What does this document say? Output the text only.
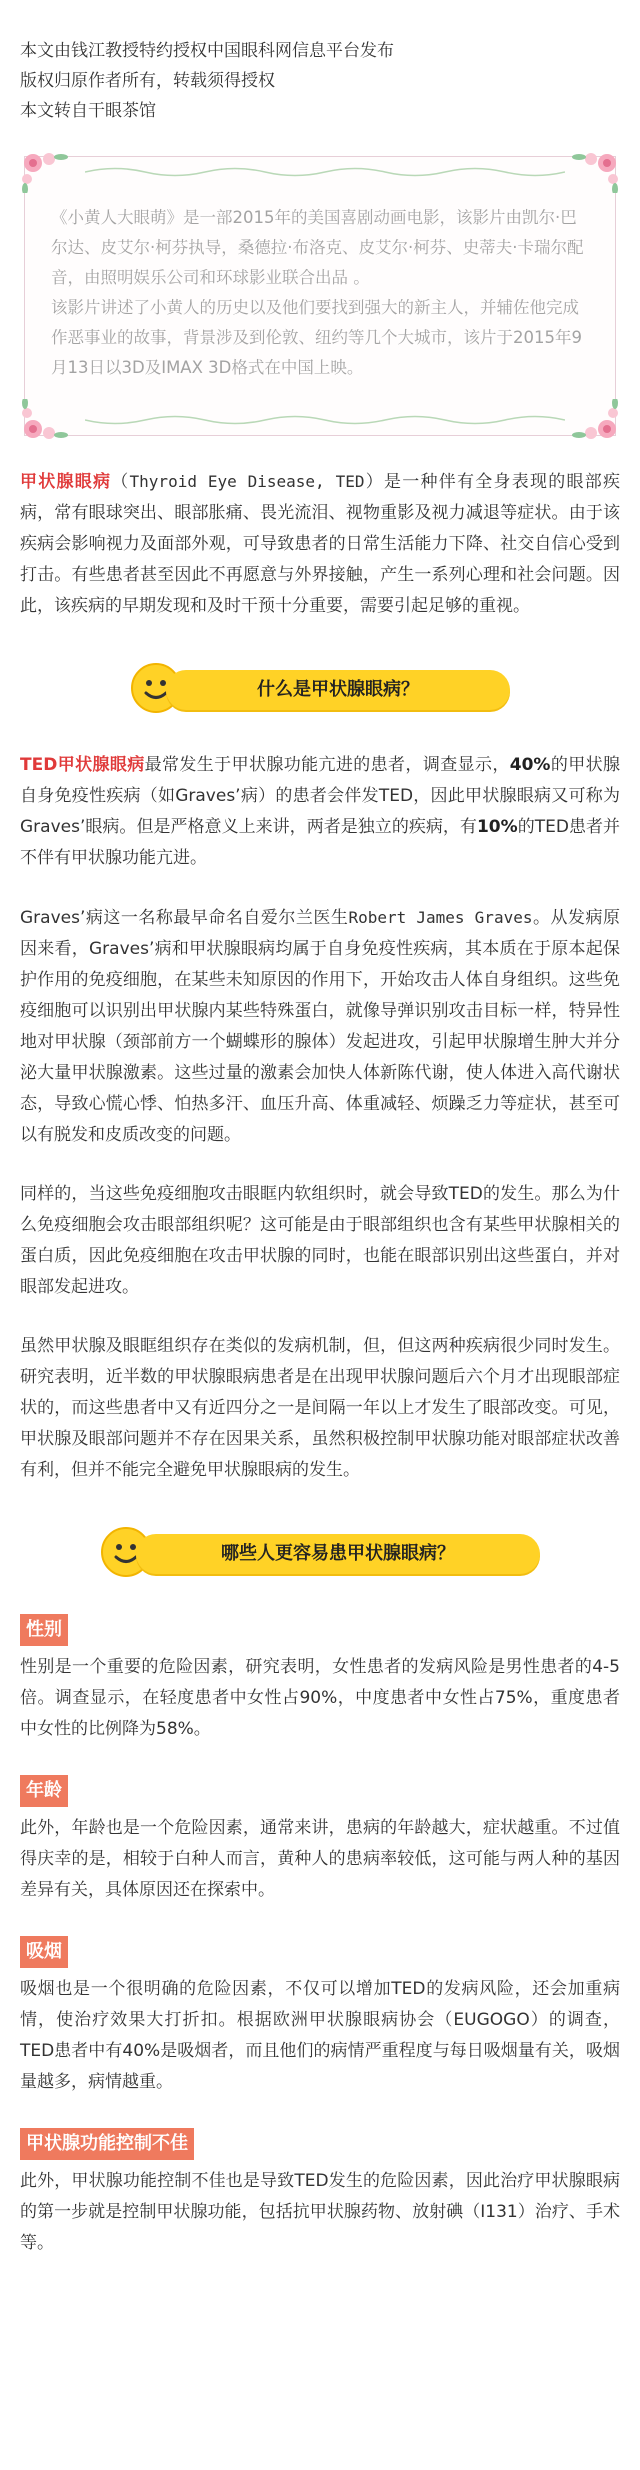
本文由钱江教授特约授权中国眼科网信息平台发布

版权归原作者所有，转载须得授权

本文转自干眼茶馆

《小黄人大眼萌》是一部2015年的美国喜剧动画电影，该影片由凯尔·巴尔达、皮艾尔·柯芬执导，桑德拉·布洛克、皮艾尔·柯芬、史蒂夫·卡瑞尔配音，由照明娱乐公司和环球影业联合出品 。

该影片讲述了小黄人的历史以及他们要找到强大的新主人，并辅佐他完成作恶事业的故事，背景涉及到伦敦、纽约等几个大城市，该片于2015年9月13日以3D及IMAX 3D格式在中国上映。

甲状腺眼病（Thyroid Eye Disease, TED）是一种伴有全身表现的眼部疾病，常有眼球突出、眼部胀痛、畏光流泪、视物重影及视力减退等症状。由于该疾病会影响视力及面部外观，可导致患者的日常生活能力下降、社交自信心受到打击。有些患者甚至因此不再愿意与外界接触，产生一系列心理和社会问题。因此，该疾病的早期发现和及时干预十分重要，需要引起足够的重视。

什么是甲状腺眼病？

TED甲状腺眼病最常发生于甲状腺功能亢进的患者，调查显示，40%的甲状腺自身免疫性疾病（如Graves’病）的患者会伴发TED，因此甲状腺眼病又可称为Graves’眼病。但是严格意义上来讲，两者是独立的疾病，有10%的TED患者并不伴有甲状腺功能亢进。

Graves’病这一名称最早命名自爱尔兰医生Robert James Graves。从发病原因来看，Graves’病和甲状腺眼病均属于自身免疫性疾病，其本质在于原本起保护作用的免疫细胞，在某些未知原因的作用下，开始攻击人体自身组织。这些免疫细胞可以识别出甲状腺内某些特殊蛋白，就像导弹识别攻击目标一样，特异性地对甲状腺（颈部前方一个蝴蝶形的腺体）发起进攻，引起甲状腺增生肿大并分泌大量甲状腺激素。这些过量的激素会加快人体新陈代谢，使人体进入高代谢状态，导致心慌心悸、怕热多汗、血压升高、体重减轻、烦躁乏力等症状，甚至可以有脱发和皮质改变的问题。

同样的，当这些免疫细胞攻击眼眶内软组织时，就会导致TED的发生。那么为什么免疫细胞会攻击眼部组织呢？这可能是由于眼部组织也含有某些甲状腺相关的蛋白质，因此免疫细胞在攻击甲状腺的同时，也能在眼部识别出这些蛋白，并对眼部发起进攻。

虽然甲状腺及眼眶组织存在类似的发病机制，但，但这两种疾病很少同时发生。研究表明，近半数的甲状腺眼病患者是在出现甲状腺问题后六个月才出现眼部症状的，而这些患者中又有近四分之一是间隔一年以上才发生了眼部改变。可见，甲状腺及眼部问题并不存在因果关系，虽然积极控制甲状腺功能对眼部症状改善有利，但并不能完全避免甲状腺眼病的发生。

哪些人更容易患甲状腺眼病？
性别

性别是一个重要的危险因素，研究表明，女性患者的发病风险是男性患者的4-5倍。调查显示，在轻度患者中女性占90%，中度患者中女性占75%，重度患者中女性的比例降为58%。

年龄

此外，年龄也是一个危险因素，通常来讲，患病的年龄越大，症状越重。不过值得庆幸的是，相较于白种人而言，黄种人的患病率较低，这可能与两人种的基因差异有关，具体原因还在探索中。

吸烟

吸烟也是一个很明确的危险因素，不仅可以增加TED的发病风险，还会加重病情，使治疗效果大打折扣。根据欧洲甲状腺眼病协会（EUGOGO）的调查，TED患者中有40%是吸烟者，而且他们的病情严重程度与每日吸烟量有关，吸烟量越多，病情越重。

甲状腺功能控制不佳

此外，甲状腺功能控制不佳也是导致TED发生的危险因素，因此治疗甲状腺眼病的第一步就是控制甲状腺功能，包括抗甲状腺药物、放射碘（I131）治疗、手术等。
